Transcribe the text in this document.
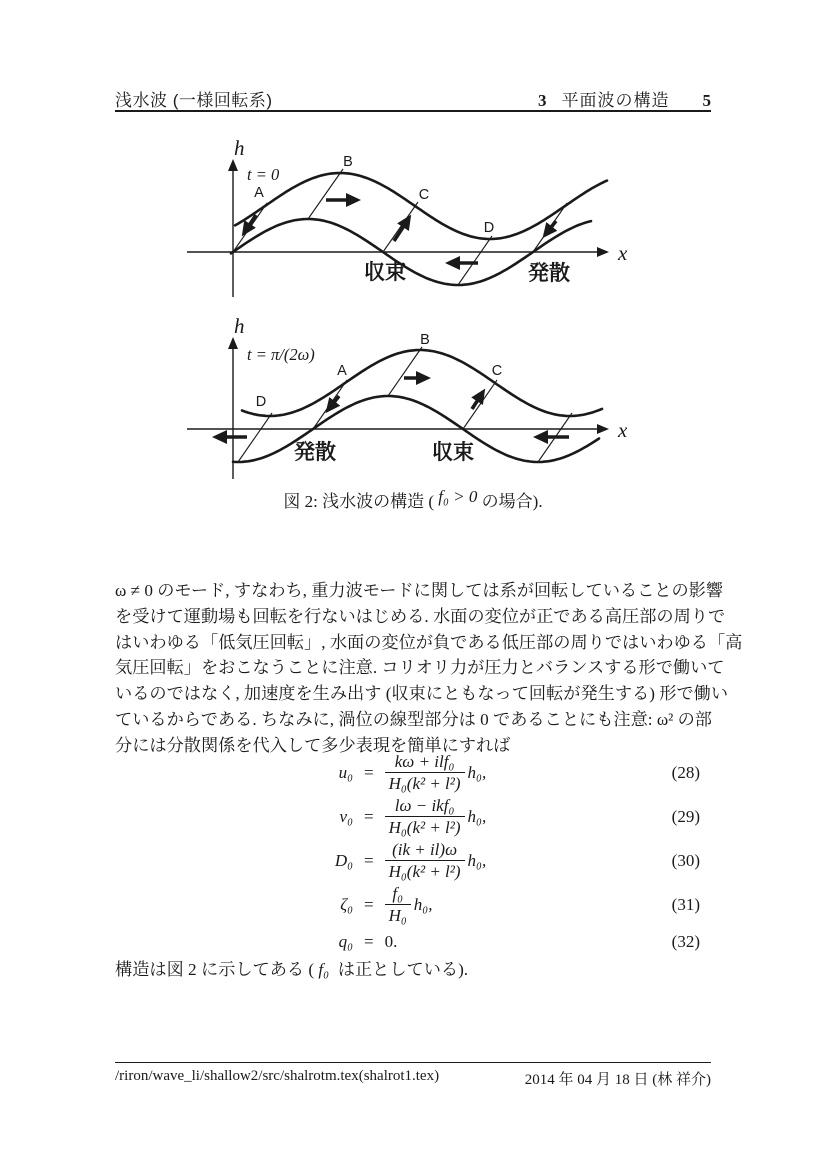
浅水波 (一様回転系)	3 平面波の構造 5
x
h
t = 0
A
B
C
D
収束	発散
x
h
t = π/(2ω)
D
A
B
C
発散	収束
図 2: 浅水波の構造 ( f₀ > 0 の場合).
ω ≠ 0 のモード, すなわち, 重力波モードに関しては系が回転していることの影響
を受けて運動場も回転を行ないはじめる. 水面の変位が正である高圧部の周りで
はいわゆる「低気圧回転」, 水面の変位が負である低圧部の周りではいわゆる「高
気圧回転」をおこなうことに注意. コリオリ力が圧力とバランスする形で働いて
いるのではなく, 加速度を生み出す (収束にともなって回転が発生する) 形で働い
ているからである. ちなみに, 渦位の線型部分は 0 であることにも注意: ω² の部
分には分散関係を代入して多少表現を簡単にすれば
$u_0 = \frac{\text{kω + ilf₀}}{\text{H₀(k² + l²)}} h_0$,	(28)
$v_0 = \frac{\text{lω − ikf₀}}{\text{H₀(k² + l²)}} h_0$,	(29)
$D_0 = \frac{(ik + il)\omega}{\text{H₀(k² + l²)}} h_0$,	(30)
$\zeta_0 = \frac{\text{f₀}}{\text{H₀}} h_0$,	(31)
q₀ = 0.	(32)
構造は図 2 に示してある ( f₀  は正としている).
/riron/wave_li/shallow2/src/shalrotm.tex(shalrot1.tex)	2014 年 04 月 18 日 (林 祥介)
